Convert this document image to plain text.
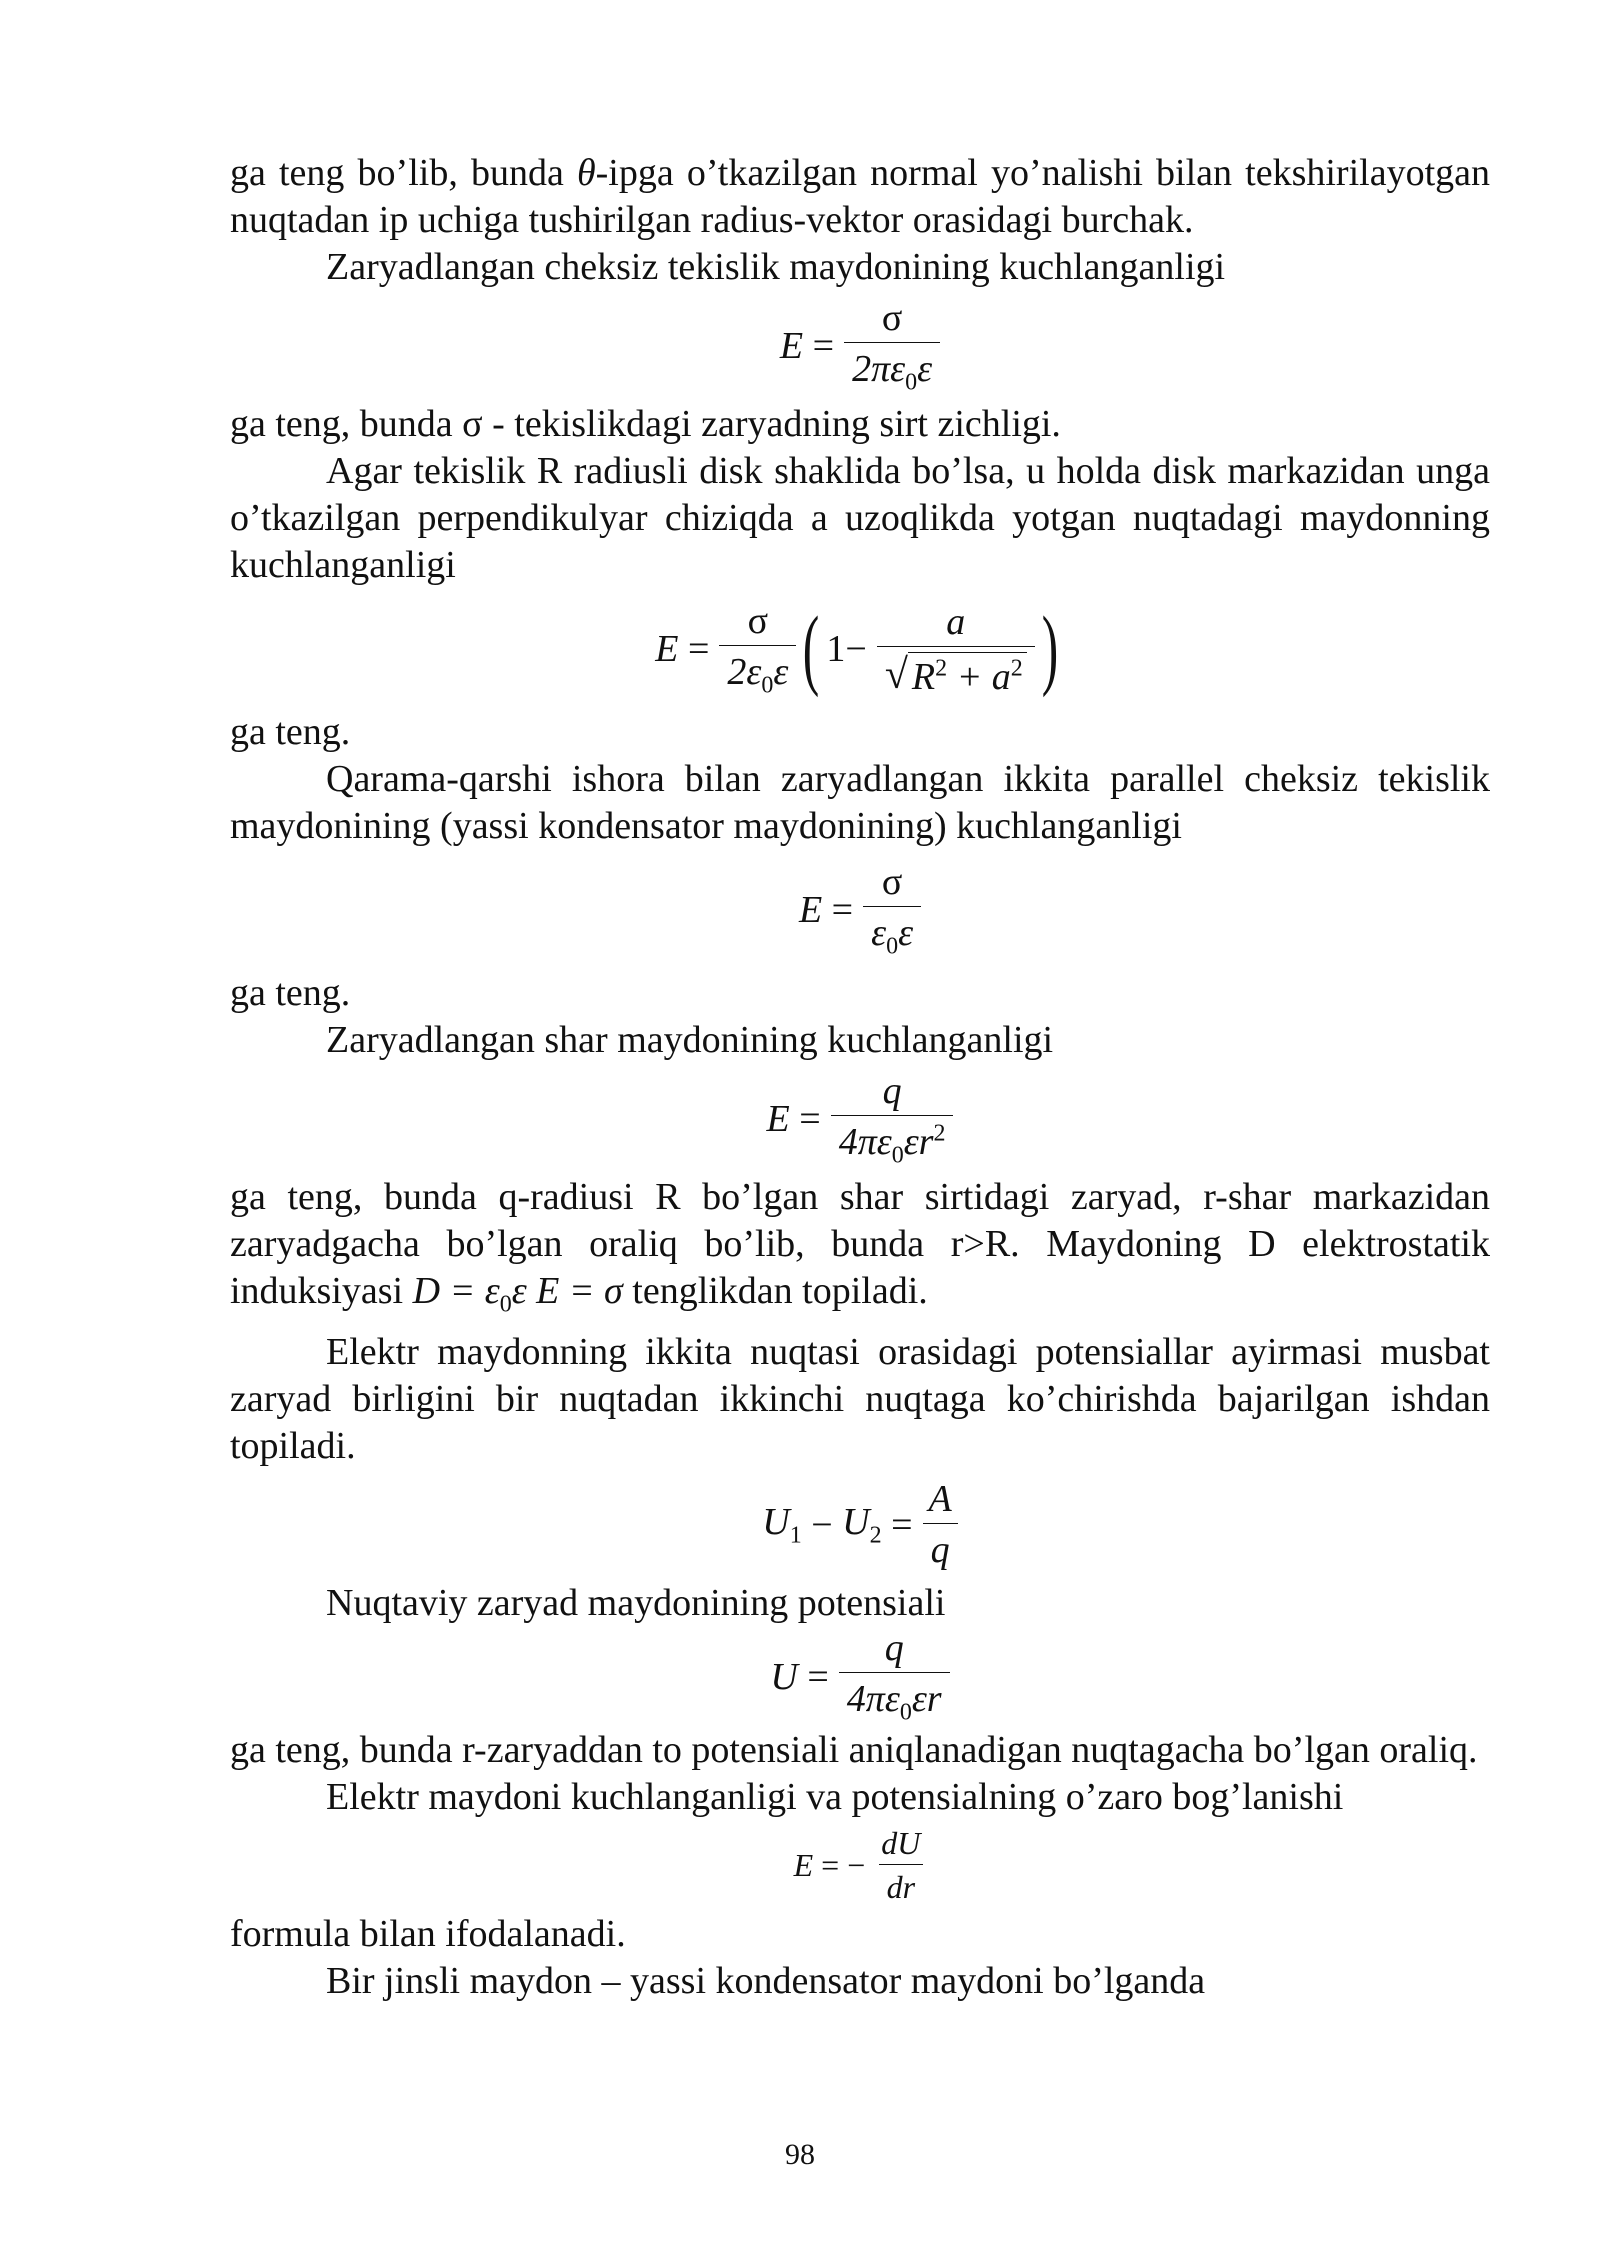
ga teng bo’lib, bunda θ-ipga o’tkazilgan normal yo’nalishi bilan tekshirilayotgan nuqtadan ip uchiga tushirilgan radius-vektor orasidagi burchak.

Zaryadlangan cheksiz tekislik maydonining kuchlanganligi

$E = \frac{\sigma}{2\pi\varepsilon_0\varepsilon}$

ga teng, bunda σ - tekislikdagi zaryadning sirt zichligi.

Agar tekislik R radiusli disk shaklida bo’lsa, u holda disk markazidan unga o’tkazilgan perpendikulyar chiziqda a uzoqlikda yotgan nuqtadagi maydonning kuchlanganligi

$E = \frac{\sigma}{2\varepsilon_0\varepsilon}$ ( $1- \frac{a}{√ R^2 + a^2}$ )

ga teng.

Qarama-qarshi ishora bilan zaryadlangan ikkita parallel cheksiz tekislik maydonining (yassi kondensator maydonining) kuchlanganligi

$E = \frac{\sigma}{\varepsilon_0\varepsilon}$

ga teng.

Zaryadlangan shar maydonining kuchlanganligi

$E = \frac{q}{4\pi\varepsilon_0\varepsilon r^2}$

ga teng, bunda q-radiusi R bo’lgan shar sirtidagi zaryad, r-shar markazidan zaryadgacha bo’lgan oraliq bo’lib, bunda r>R. Maydoning D elektrostatik induksiyasi $D = \varepsilon_0\varepsilon$ E = σ tenglikdan topiladi.

Elektr maydonning ikkita nuqtasi orasidagi potensiallar ayirmasi musbat zaryad birligini bir nuqtadan ikkinchi nuqtaga ko’chirishda bajarilgan ishdan topiladi.

$U_1 - U_2 = \frac{A}{q}$

Nuqtaviy zaryad maydonining potensiali

$U = \frac{q}{4\pi\varepsilon_0\varepsilon r}$

ga teng, bunda r-zaryaddan to potensiali aniqlanadigan nuqtagacha bo’lgan oraliq.

Elektr maydoni kuchlanganligi va potensialning o’zaro bog’lanishi

E = − $\frac{dU}{dr}$

formula bilan ifodalanadi.

Bir jinsli maydon – yassi kondensator maydoni bo’lganda

98
